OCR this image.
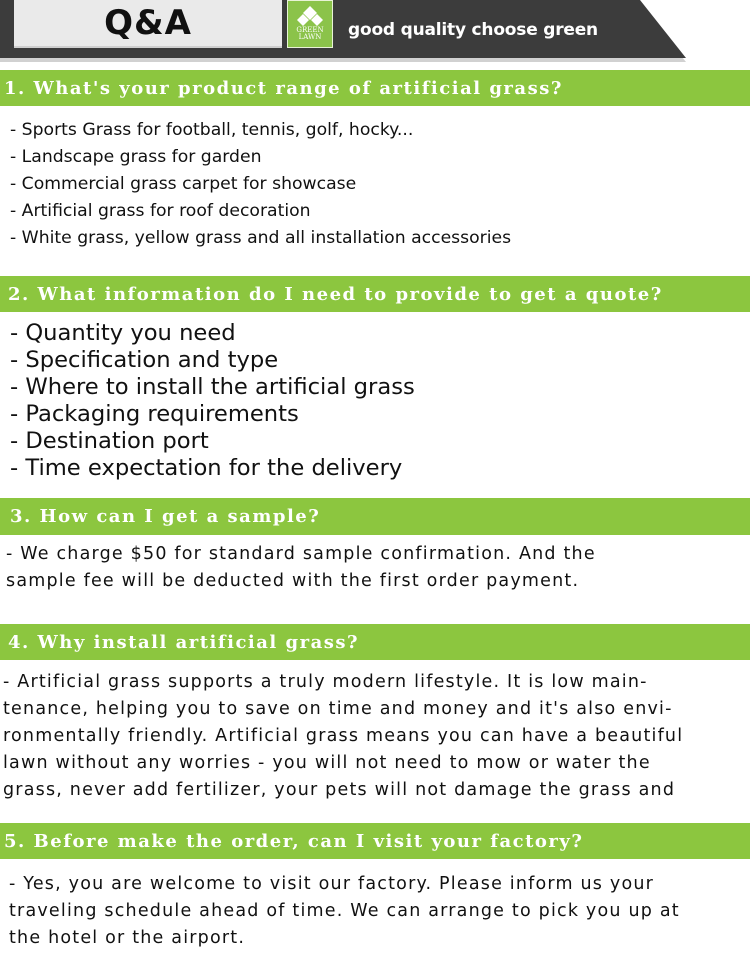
Q&A	GREEN
LAWN good quality choose green
1. What's your product range of artificial grass?
- Sports Grass for football, tennis, golf, hocky...
- Landscape grass for garden
- Commercial grass carpet for showcase
- Artificial grass for roof decoration
- White grass, yellow grass and all installation accessories
2. What information do I need to provide to get a quote?
- Quantity you need
- Specification and type
- Where to install the artificial grass
- Packaging requirements
- Destination port
- Time expectation for the delivery
3. How can I get a sample?
- We charge $50 for standard sample confirmation. And the
sample fee will be deducted with the first order payment.
4. Why install artificial grass?
- Artificial grass supports a truly modern lifestyle. It is low main-
tenance, helping you to save on time and money and it's also envi-
ronmentally friendly. Artificial grass means you can have a beautiful
lawn without any worries - you will not need to mow or water the
grass, never add fertilizer, your pets will not damage the grass and
5. Before make the order, can I visit your factory?
- Yes, you are welcome to visit our factory. Please inform us your
traveling schedule ahead of time. We can arrange to pick you up at
the hotel or the airport.
